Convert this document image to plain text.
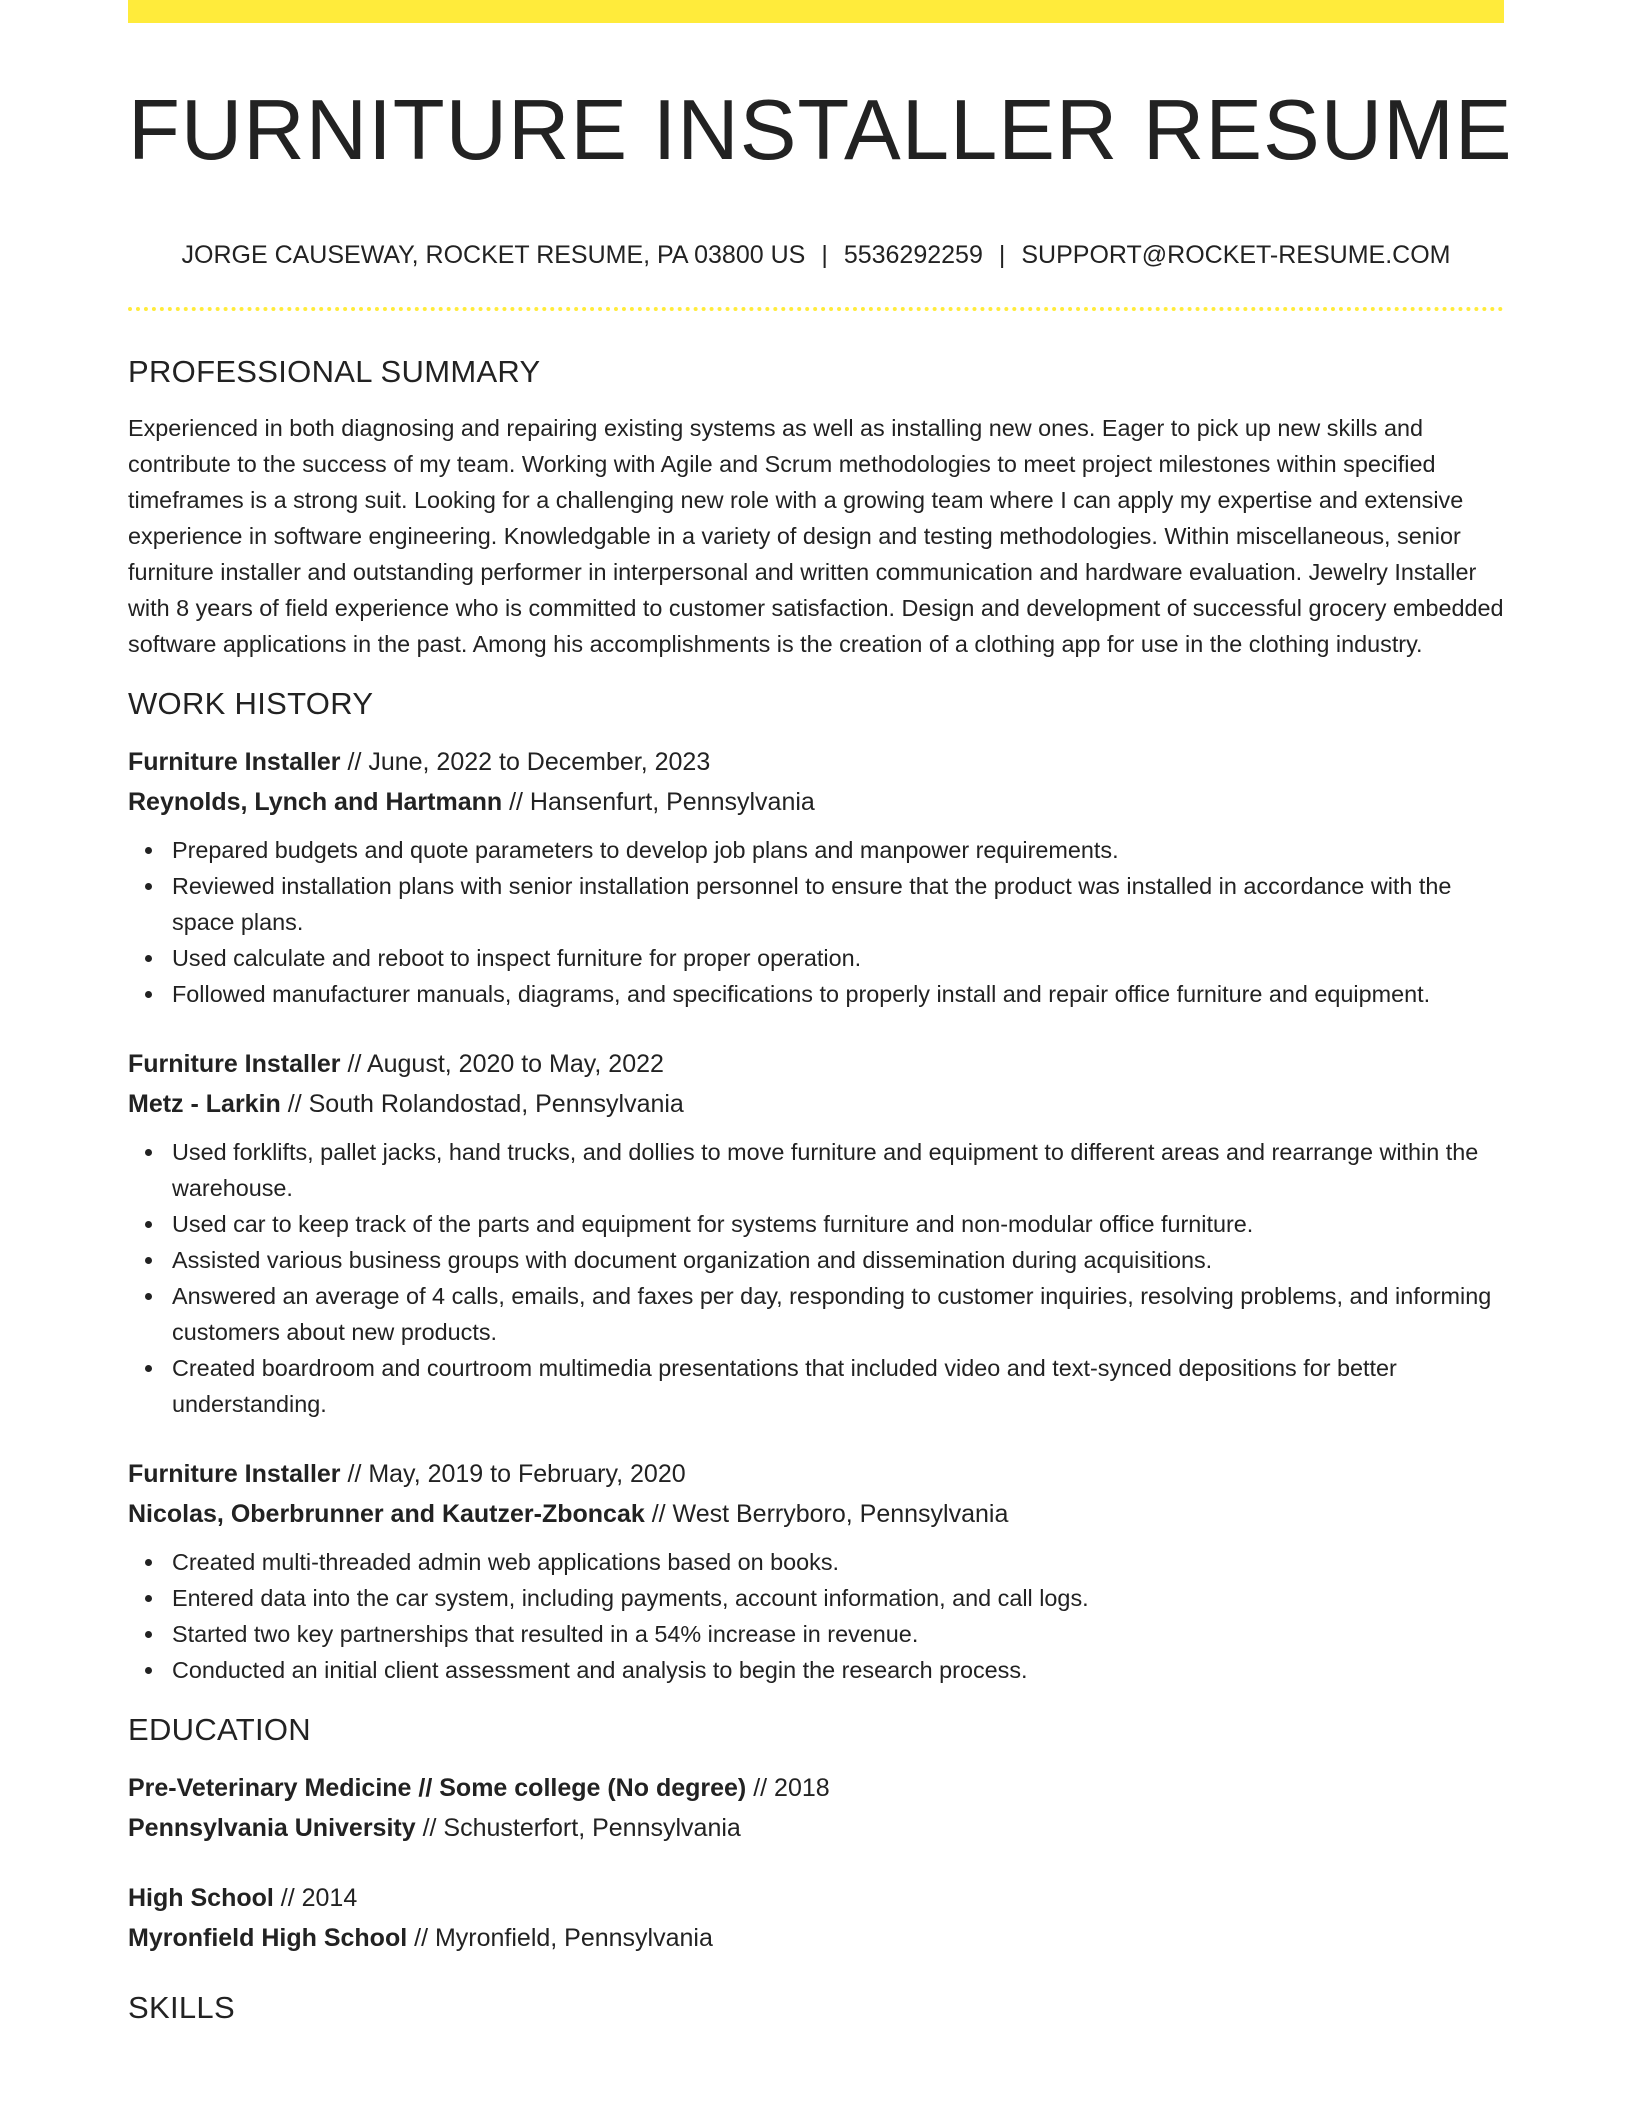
FURNITURE INSTALLER RESUME
JORGE CAUSEWAY, ROCKET RESUME, PA 03800 US | 5536292259 | SUPPORT@ROCKET-RESUME.COM
PROFESSIONAL SUMMARY

Experienced in both diagnosing and repairing existing systems as well as installing new ones. Eager to pick up new skills and contribute to the success of my team. Working with Agile and Scrum methodologies to meet project milestones within specified timeframes is a strong suit. Looking for a challenging new role with a growing team where I can apply my expertise and extensive experience in software engineering. Knowledgable in a variety of design and testing methodologies. Within miscellaneous, senior furniture installer and outstanding performer in interpersonal and written communication and hardware evaluation. Jewelry Installer with 8 years of field experience who is committed to customer satisfaction. Design and development of successful grocery embedded software applications in the past. Among his accomplishments is the creation of a clothing app for use in the clothing industry.

WORK HISTORY
Furniture Installer // June, 2022 to December, 2023
Reynolds, Lynch and Hartmann // Hansenfurt, Pennsylvania
Prepared budgets and quote parameters to develop job plans and manpower requirements.
Reviewed installation plans with senior installation personnel to ensure that the product was installed in accordance with the space plans.
Used calculate and reboot to inspect furniture for proper operation.
Followed manufacturer manuals, diagrams, and specifications to properly install and repair office furniture and equipment.
Furniture Installer // August, 2020 to May, 2022
Metz - Larkin // South Rolandostad, Pennsylvania
Used forklifts, pallet jacks, hand trucks, and dollies to move furniture and equipment to different areas and rearrange within the warehouse.
Used car to keep track of the parts and equipment for systems furniture and non-modular office furniture.
Assisted various business groups with document organization and dissemination during acquisitions.
Answered an average of 4 calls, emails, and faxes per day, responding to customer inquiries, resolving problems, and informing customers about new products.
Created boardroom and courtroom multimedia presentations that included video and text-synced depositions for better understanding.
Furniture Installer // May, 2019 to February, 2020
Nicolas, Oberbrunner and Kautzer-Zboncak // West Berryboro, Pennsylvania
Created multi-threaded admin web applications based on books.
Entered data into the car system, including payments, account information, and call logs.
Started two key partnerships that resulted in a 54% increase in revenue.
Conducted an initial client assessment and analysis to begin the research process.
EDUCATION
Pre-Veterinary Medicine // Some college (No degree) // 2018
Pennsylvania University // Schusterfort, Pennsylvania
High School // 2014
Myronfield High School // Myronfield, Pennsylvania
SKILLS
